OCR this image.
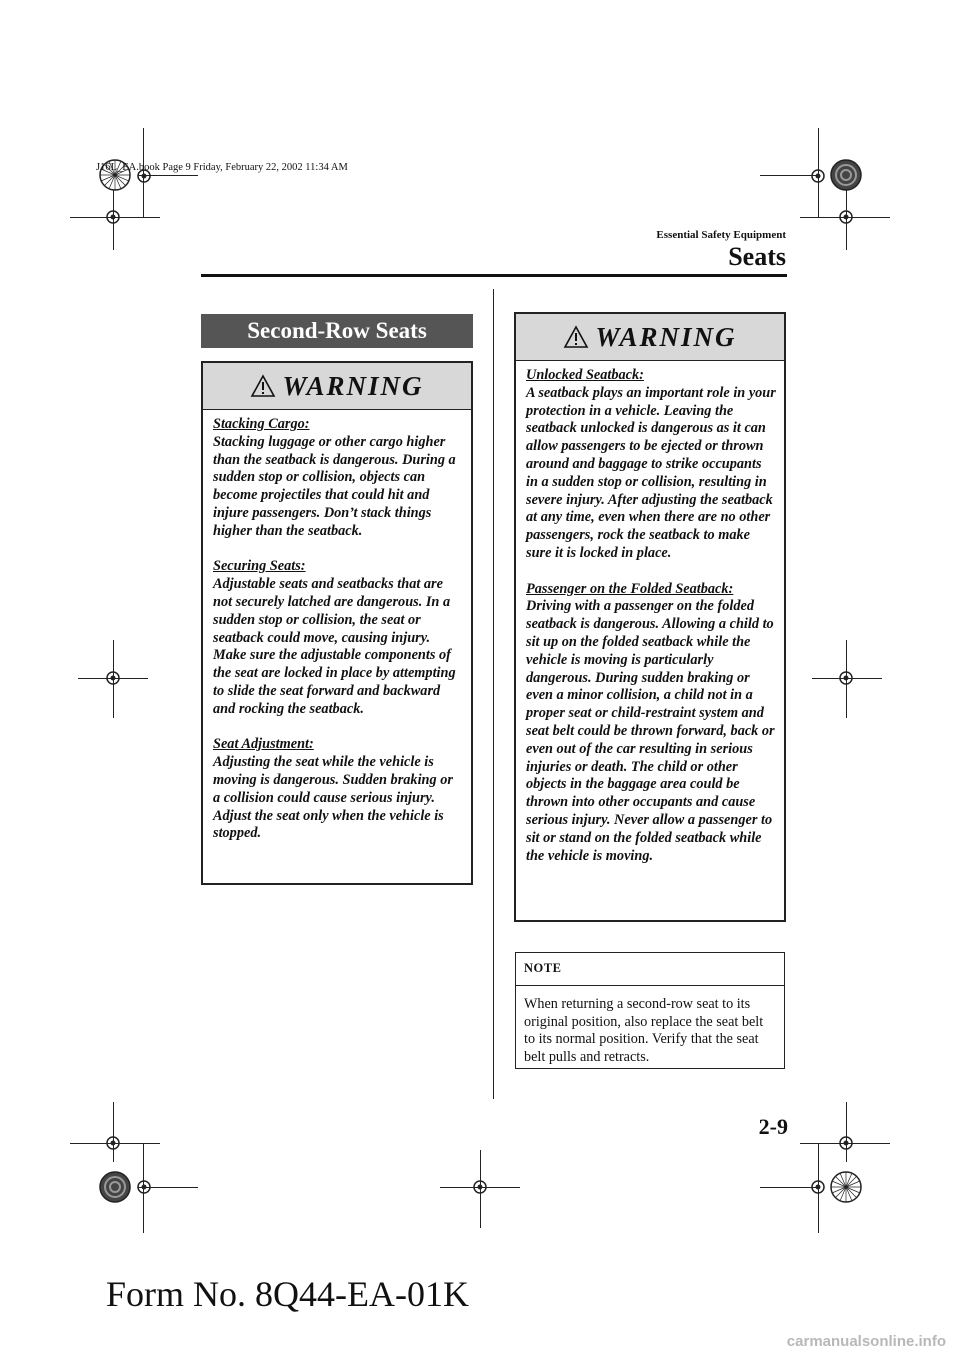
J16L_EA.book Page 9 Friday, February 22, 2002 11:34 AM
Essential Safety Equipment
Seats
Second-Row Seats
WARNING

Stacking Cargo:
Stacking luggage or other cargo higher than the seatback is dangerous. During a sudden stop or collision, objects can become projectiles that could hit and injure passengers. Don’t stack things higher than the seatback.

Securing Seats:
Adjustable seats and seatbacks that are not securely latched are dangerous. In a sudden stop or collision, the seat or seatback could move, causing injury. Make sure the adjustable components of the seat are locked in place by attempting to slide the seat forward and backward and rocking the seatback.

Seat Adjustment:
Adjusting the seat while the vehicle is moving is dangerous. Sudden braking or a collision could cause serious injury. Adjust the seat only when the vehicle is stopped.

WARNING

Unlocked Seatback:
A seatback plays an important role in your protection in a vehicle. Leaving the seatback unlocked is dangerous as it can allow passengers to be ejected or thrown around and baggage to strike occupants in a sudden stop or collision, resulting in severe injury. After adjusting the seatback at any time, even when there are no other passengers, rock the seatback to make sure it is locked in place.

Passenger on the Folded Seatback:
Driving with a passenger on the folded seatback is dangerous. Allowing a child to sit up on the folded seatback while the vehicle is moving is particularly dangerous. During sudden braking or even a minor collision, a child not in a proper seat or child-restraint system and seat belt could be thrown forward, back or even out of the car resulting in serious injuries or death. The child or other objects in the baggage area could be thrown into other occupants and cause serious injury. Never allow a passenger to sit or stand on the folded seatback while the vehicle is moving.

NOTE
When returning a second-row seat to its original position, also replace the seat belt to its normal position. Verify that the seat belt pulls and retracts.
2-9
Form No. 8Q44-EA-01K
carmanualsonline.info
